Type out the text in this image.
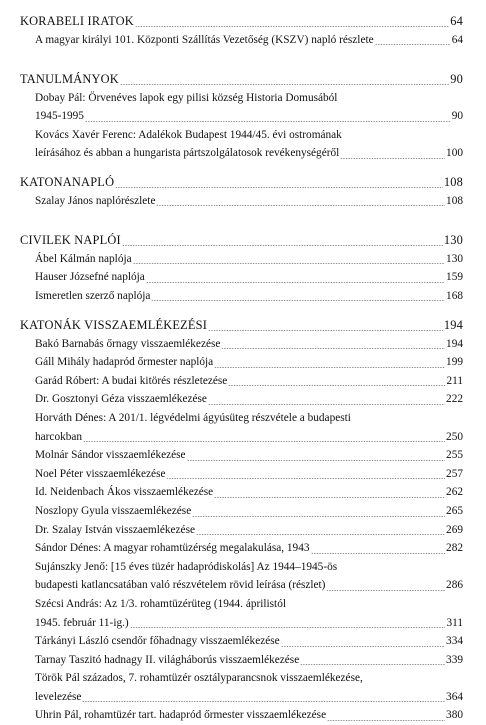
KORABELI IRATOK	64
A magyar királyi 101. Központi Szállítás Vezetőség (KSZV) napló részlete	64
TANULMÁNYOK	90
Dobay Pál: Örvenéves lapok egy pilisi község Historia Domusából
1945-1995	90
Kovács Xavér Ferenc: Adalékok Budapest 1944/45. évi ostromának
leírásához és abban a hungarista pártszolgálatosok revékenységéről	100
KATONANAPLÓ	108
Szalay János naplórészlete	108
CIVILEK NAPLÓI	130
Ábel Kálmán naplója	130
Hauser Józsefné naplója	159
Ismeretlen szerző naplója	168
KATONÁK VISSZAEMLÉKEZÉSI	194
Bakó Barnabás őrnagy visszaemlékezése	194
Gáll Mihály hadapród őrmester naplója	199
Garád Róbert: A budai kitörés részletezése	211
Dr. Gosztonyi Géza visszaemlékezése	222
Horváth Dénes: A 201/1. légvédelmi ágyúsüteg részvétele a budapesti
harcokban	250
Molnár Sándor visszaemlékezése	255
Noel Péter visszaemlékezése	257
Id. Neidenbach Ákos visszaemlékezése	262
Noszlopy Gyula visszaemlékezése	265
Dr. Szalay István visszaemlékezése	269
Sándor Dénes: A magyar rohamtüzérség megalakulása, 1943	282
Sujánszky Jenő: [15 éves tüzér hadapródiskolás] Az 1944–1945-ös
budapesti katlancsatában való részvételem rövid leírása (részlet)	286
Szécsi András: Az 1/3. rohamtüzérüteg (1944. áprilistól
1945. február 11-ig.)	311
Tárkányi László csendőr főhadnagy visszaemlékezése	334
Tarnay Taszitó hadnagy II. világháborús visszaemlékezése	339
Török Pál százados, 7. rohamtüzér osztályparancsnok visszaemlékezése,
levelezése	364
Uhrin Pál, rohamtüzér tart. hadapród őrmester visszaemlékezése	380
